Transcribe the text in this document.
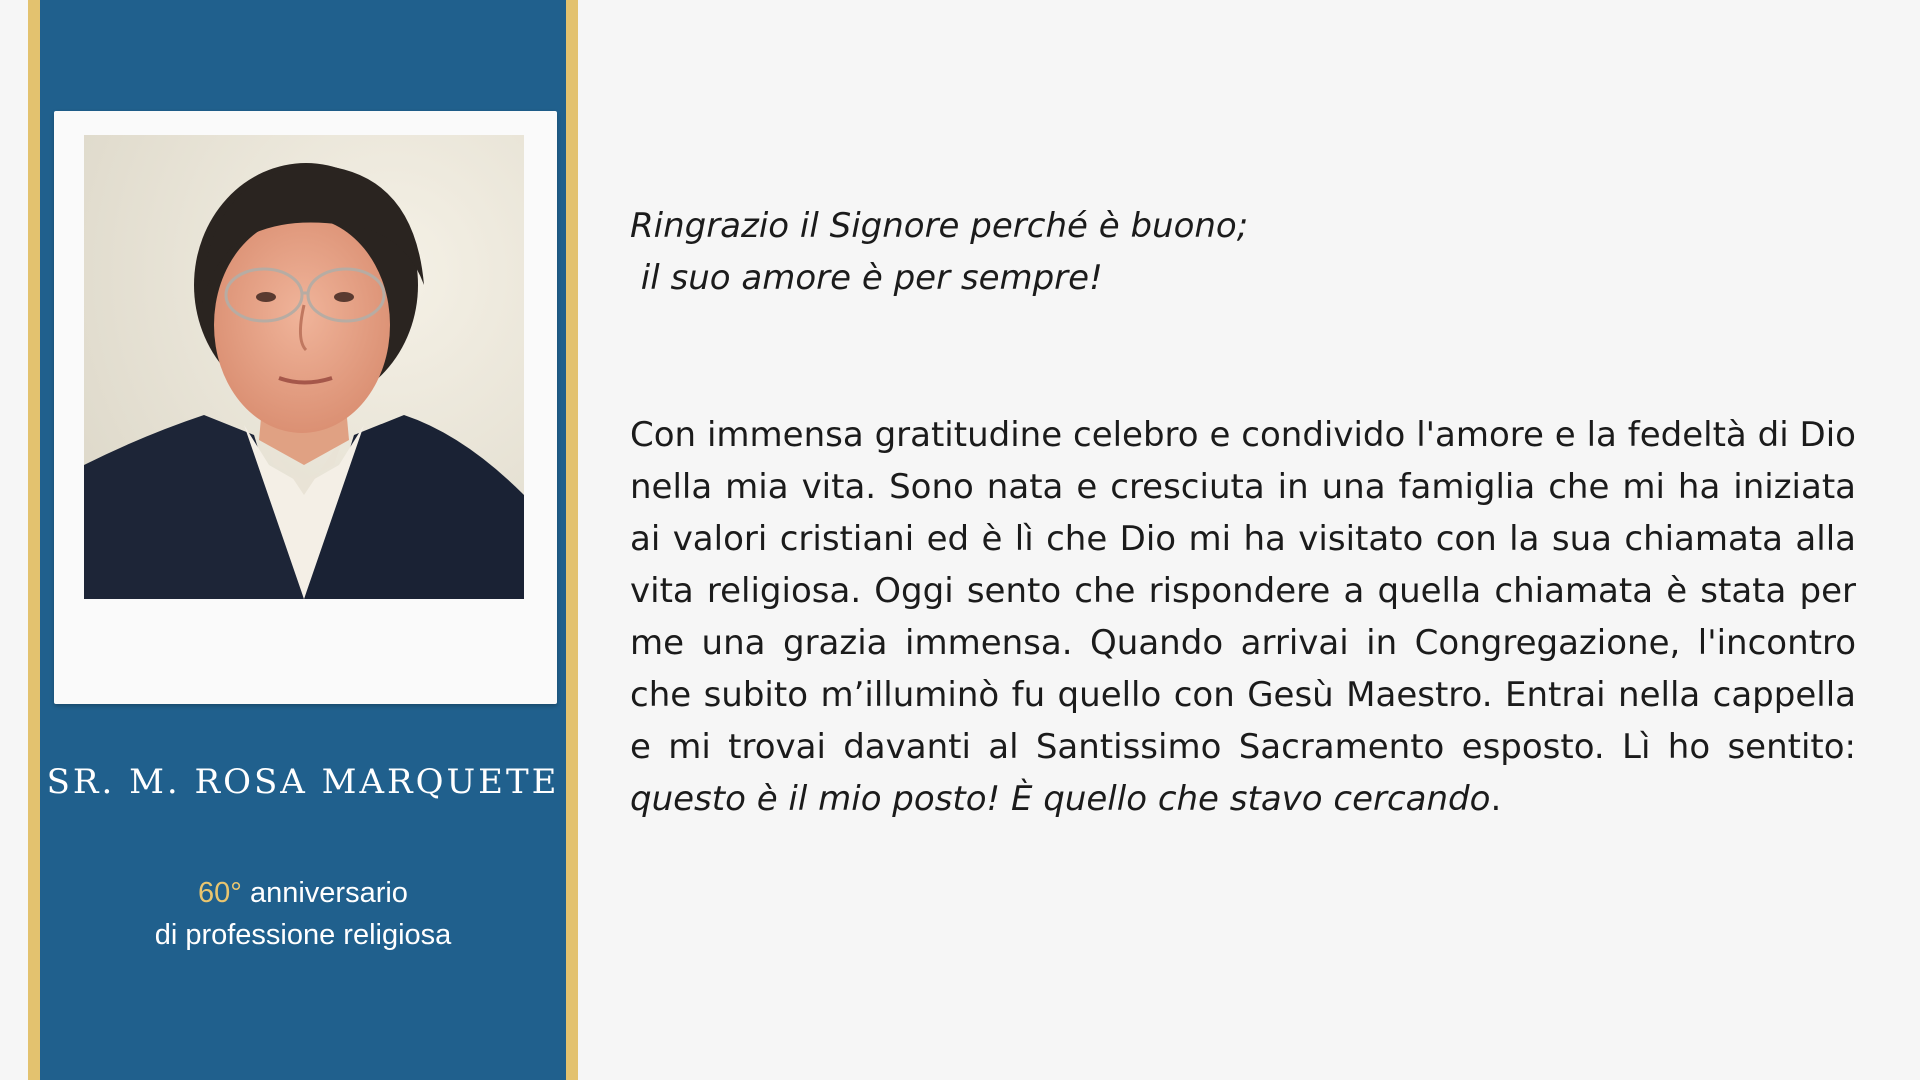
SR. M. ROSA MARQUETE
60° anniversario
di professione religiosa
Ringrazio il Signore perché è buono;
il suo amore è per sempre!
Con immensa gratitudine celebro e condivido l'amore e la fedeltà di Dio nella mia vita. Sono nata e cresciuta in una famiglia che mi ha iniziata ai valori cristiani ed è lì che Dio mi ha visitato con la sua chiamata alla vita religiosa. Oggi sento che rispondere a quella chiamata è stata per me una grazia immensa. Quando arrivai in Congregazione, l'incontro che subito m’illuminò fu quello con Gesù Maestro. Entrai nella cappella e mi trovai davanti al Santissimo Sacramento esposto. Lì ho sentito: questo è il mio posto! È quello che stavo cercando.
